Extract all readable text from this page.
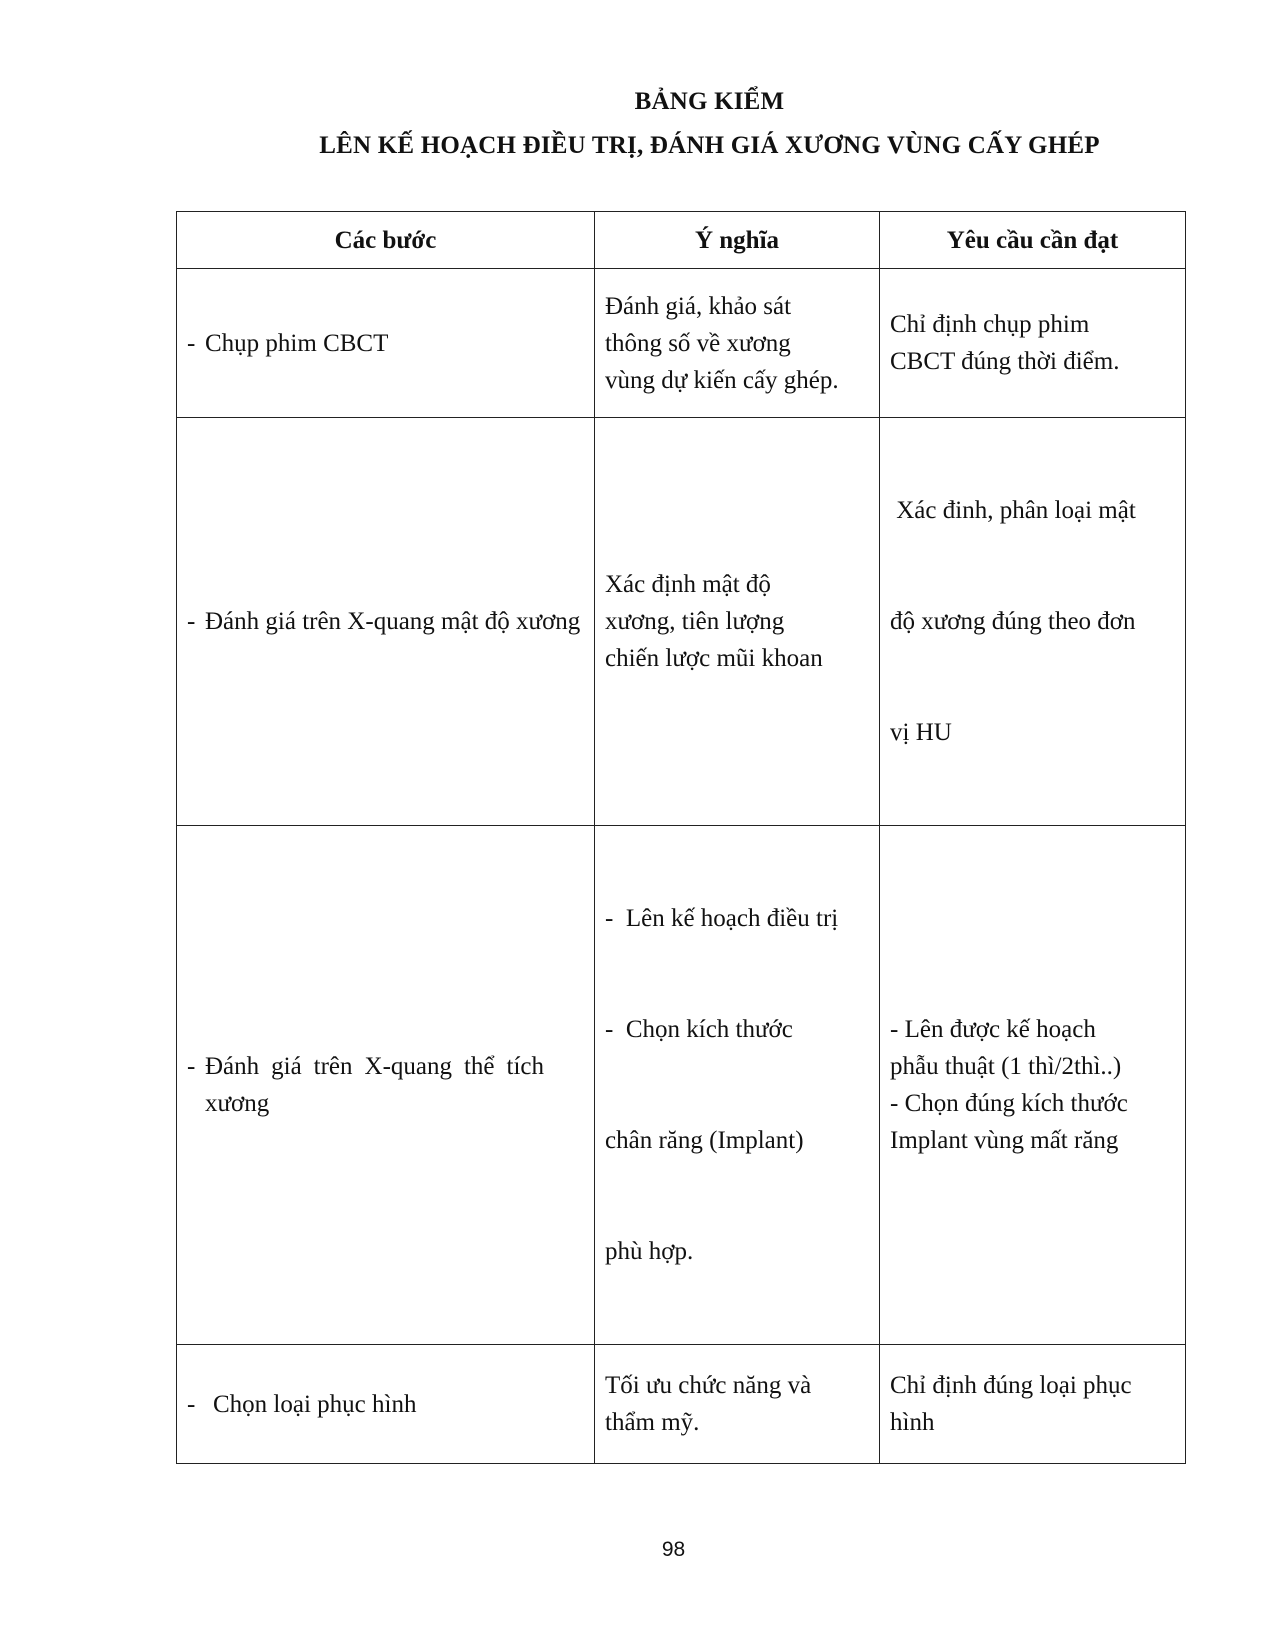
BẢNG KIỂM
LÊN KẾ HOẠCH ĐIỀU TRỊ, ĐÁNH GIÁ XƯƠNG VÙNG CẤY GHÉP
Các bước	Ý nghĩa	Yêu cầu cần đạt

- Chụp phim CBCT	Đánh giá, khảo sát
thông số về xương
vùng dự kiến cấy ghép.	Chỉ định chụp phim
CBCT đúng thời điểm.

- Đánh giá trên X-quang mật độ xương	Xác định mật độ
xương, tiên lượng
chiến lược mũi khoan	Xác đinh, phân loại mật

độ xương đúng theo đơn

vị HU

- Đánh giá trên X-quang thể tích xương	-  Lên kế hoạch điều trị

-  Chọn kích thước

chân răng (Implant)

phù hợp.	- Lên được kế hoạch
phẫu thuật (1 thì/2thì..)
- Chọn đúng kích thước
Implant vùng mất răng

- Chọn loại phục hình	Tối ưu chức năng và
thẩm mỹ.	Chỉ định đúng loại phục
hình
98
